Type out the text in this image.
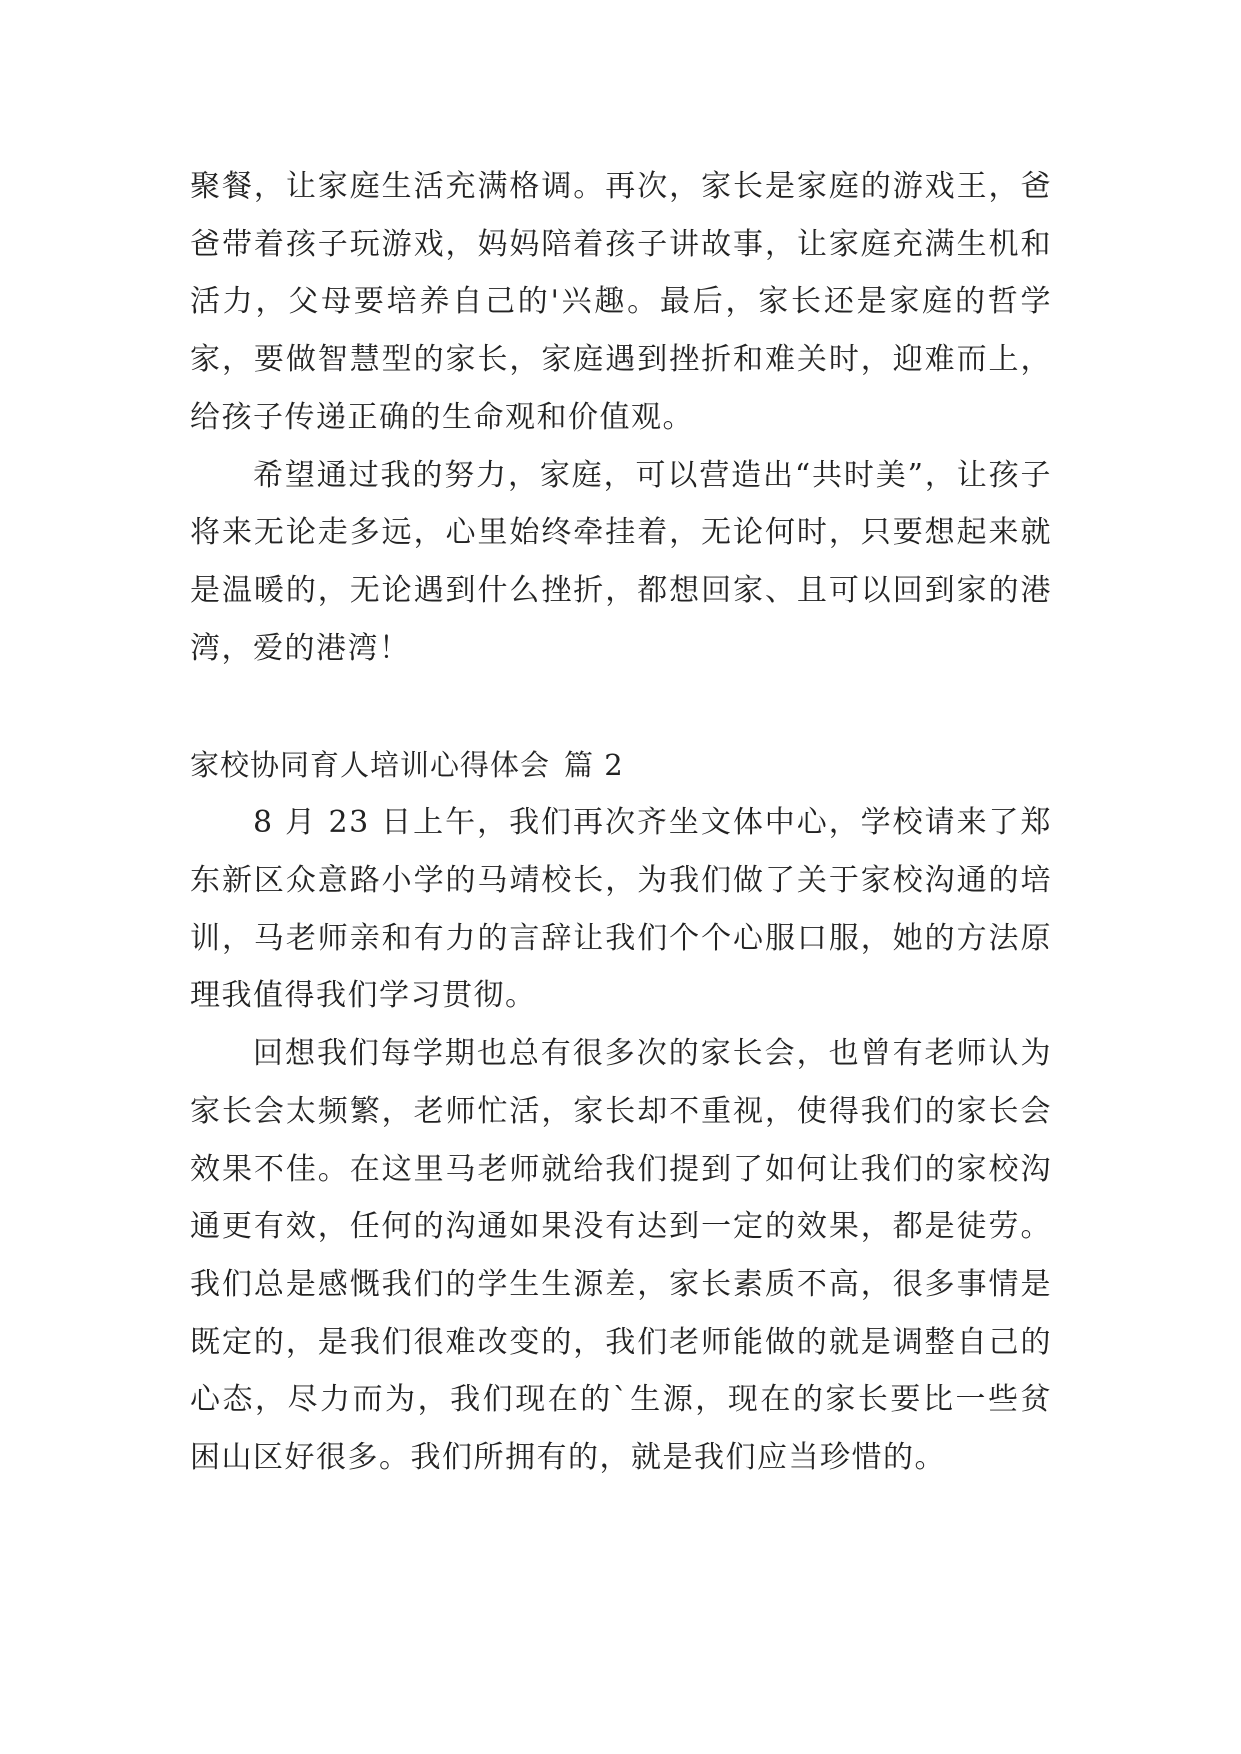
聚餐，让家庭生活充满格调。再次，家长是家庭的游戏王，爸爸带着孩子玩游戏，妈妈陪着孩子讲故事，让家庭充满生机和活力，父母要培养自己的'兴趣。最后，家长还是家庭的哲学家，要做智慧型的家长，家庭遇到挫折和难关时，迎难而上，给孩子传递正确的生命观和价值观。

希望通过我的努力，家庭，可以营造出“共时美”，让孩子将来无论走多远，心里始终牵挂着，无论何时，只要想起来就是温暖的，无论遇到什么挫折，都想回家、且可以回到家的港湾，爱的港湾！

家校协同育人培训心得体会 篇 2

8 月 23 日上午，我们再次齐坐文体中心，学校请来了郑东新区众意路小学的马靖校长，为我们做了关于家校沟通的培训，马老师亲和有力的言辞让我们个个心服口服，她的方法原理我值得我们学习贯彻。

回想我们每学期也总有很多次的家长会，也曾有老师认为家长会太频繁，老师忙活，家长却不重视，使得我们的家长会效果不佳。在这里马老师就给我们提到了如何让我们的家校沟通更有效，任何的沟通如果没有达到一定的效果，都是徒劳。我们总是感慨我们的学生生源差，家长素质不高，很多事情是既定的，是我们很难改变的，我们老师能做的就是调整自己的心态，尽力而为，我们现在的`生源，现在的家长要比一些贫困山区好很多。我们所拥有的，就是我们应当珍惜的。
